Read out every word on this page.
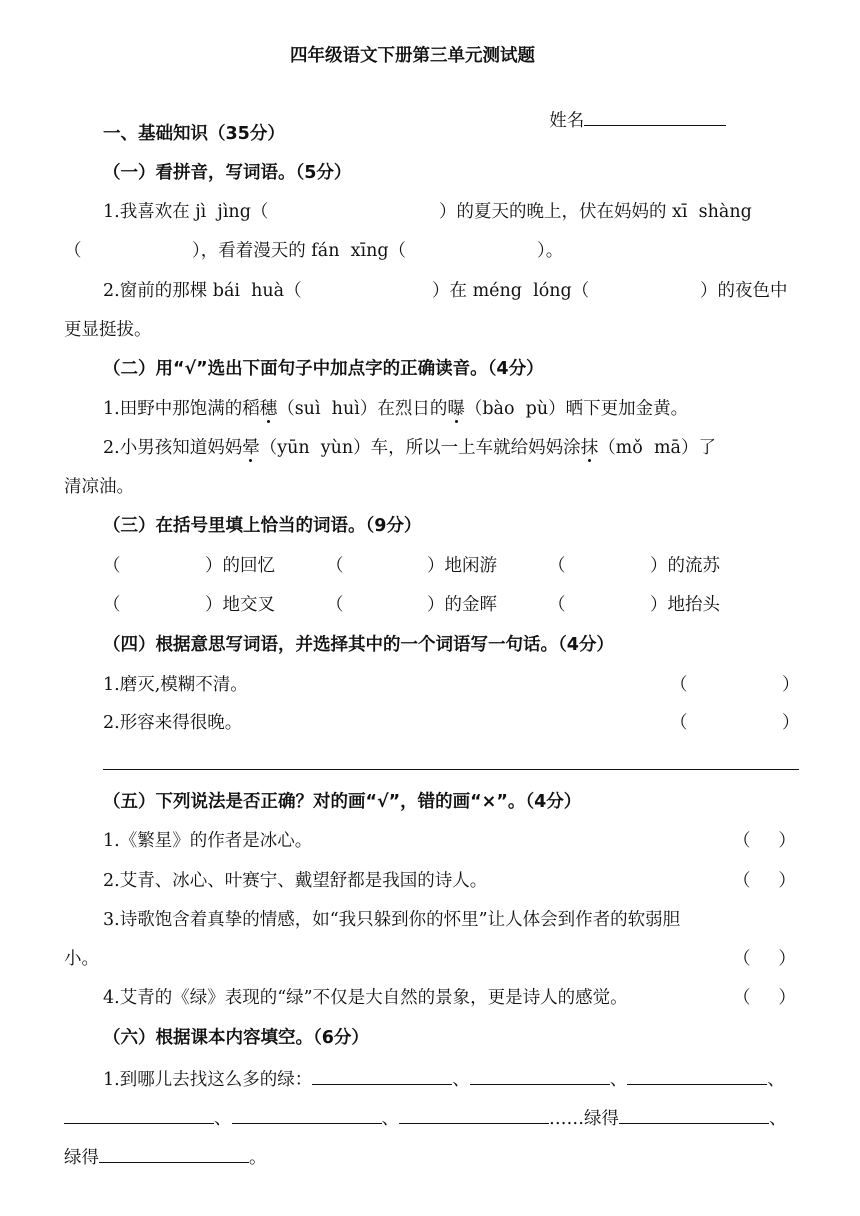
四年级语文下册第三单元测试题

姓名

一、基础知识（35分）
（一）看拼音，写词语。（5分）
1.我喜欢在 jì  jìng（	）的夏天的晚上，伏在妈妈的 xī  shàng
（	），看着漫天的 fán  xīng（	）。
2.窗前的那棵 bái  huà（	）在 méng  lóng（	）的夜色中
更显挺拔。
（二）用“√”选出下面句子中加点字的正确读音。（4分）
1.田野中那饱满的稻穗（suì  huì）在烈日的曝（bào  pù）晒下更加金黄。
2.小男孩知道妈妈晕（yūn  yùn）车，所以一上车就给妈妈涂抹（mǒ  mā）了
清凉油。
（三）在括号里填上恰当的词语。（9分）
（	）的回忆	（	）地闲游	（	）的流苏
（	）地交叉	（	）的金晖	（	）地抬头
（四）根据意思写词语，并选择其中的一个词语写一句话。（4分）
1.磨灭,模糊不清。	（	）
2.形容来得很晚。	（	）
（五）下列说法是否正确？对的画“√”，错的画“×”。（4分）
1.《繁星》的作者是冰心。	（     ）
2.艾青、冰心、叶赛宁、戴望舒都是我国的诗人。	（     ）
3.诗歌饱含着真挚的情感，如“我只躲到你的怀里”让人体会到作者的软弱胆
小。	（     ）
4.艾青的《绿》表现的“绿”不仅是大自然的景象，更是诗人的感觉。	（     ）
（六）根据课本内容填空。（6分）
1.到哪儿去找这么多的绿：	、	、	、
、	、	……绿得	、
绿得	。
